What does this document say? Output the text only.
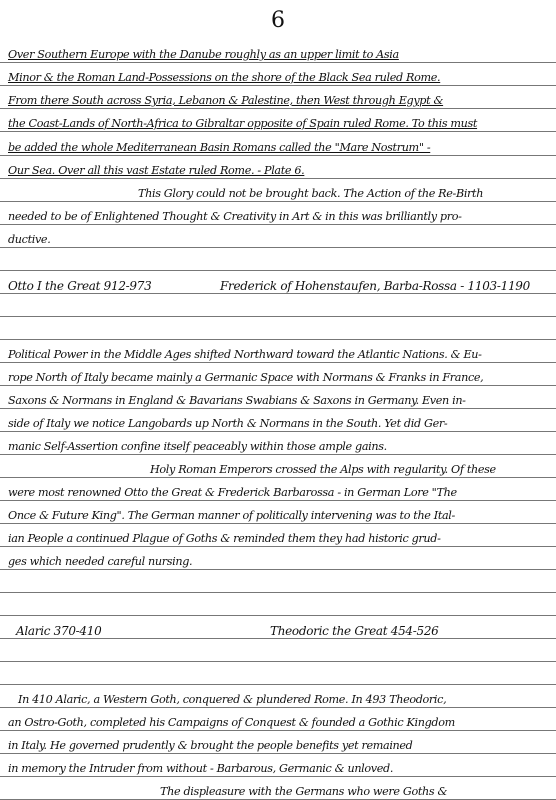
6
Over Southern Europe with the Danube roughly as an upper limit to Asia
Minor & the Roman Land-Possessions on the shore of the Black Sea ruled Rome.
From there South across Syria, Lebanon & Palestine, then West through Egypt &
the Coast-Lands of North-Africa to Gibraltar opposite of Spain ruled Rome. To this must
be added the whole Mediterranean Basin Romans called the "Mare Nostrum" -
Our Sea. Over all this vast Estate ruled Rome. - Plate 6.
This Glory could not be brought back. The Action of the Re-Birth
needed to be of Enlightened Thought & Creativity in Art & in this was brilliantly pro-
ductive.
Otto I the Great 912-973	Frederick of Hohenstaufen, Barba-Rossa - 1103-1190
Political Power in the Middle Ages shifted Northward toward the Atlantic Nations. & Eu-
rope North of Italy became mainly a Germanic Space with Normans & Franks in France,
Saxons & Normans in England & Bavarians Swabians & Saxons in Germany. Even in-
side of Italy we notice Langobards up North & Normans in the South. Yet did Ger-
manic Self-Assertion confine itself peaceably within those ample gains.
Holy Roman Emperors crossed the Alps with regularity. Of these
were most renowned Otto the Great & Frederick Barbarossa - in German Lore "The
Once & Future King". The German manner of politically intervening was to the Ital-
ian People a continued Plague of Goths & reminded them they had historic grud-
ges which needed careful nursing.
Alaric 370-410	Theodoric the Great 454-526
In 410 Alaric, a Western Goth, conquered & plundered Rome. In 493 Theodoric,
an Ostro-Goth, completed his Campaigns of Conquest & founded a Gothic Kingdom
in Italy. He governed prudently & brought the people benefits yet remained
in memory the Intruder from without - Barbarous, Germanic & unloved.
The displeasure with the Germans who were Goths &
